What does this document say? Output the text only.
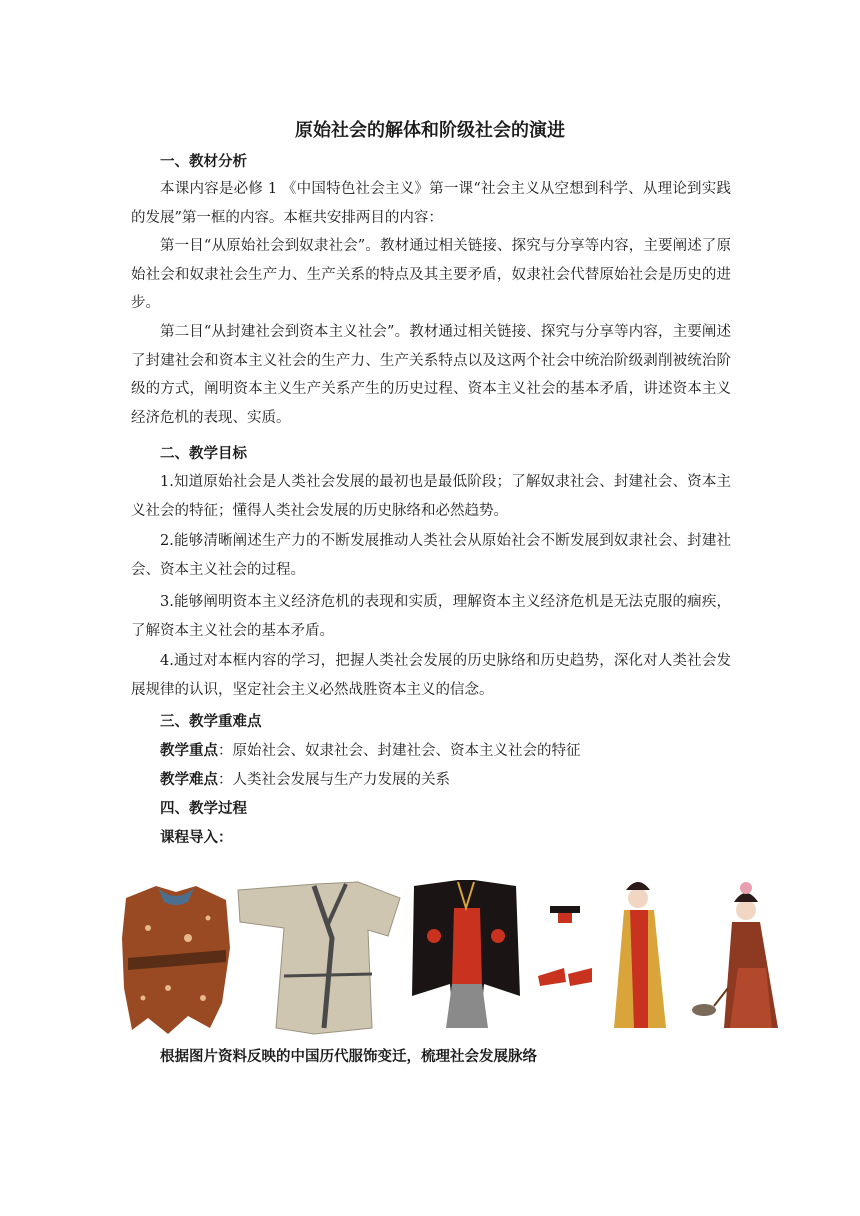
原始社会的解体和阶级社会的演进
一、教材分析
本课内容是必修 1 《中国特色社会主义》第一课“社会主义从空想到科学、从理论到实践的发展”第一框的内容。本框共安排两目的内容：
第一目“从原始社会到奴隶社会”。教材通过相关链接、探究与分享等内容，主要阐述了原始社会和奴隶社会生产力、生产关系的特点及其主要矛盾，奴隶社会代替原始社会是历史的进步。
第二目“从封建社会到资本主义社会”。教材通过相关链接、探究与分享等内容，主要阐述了封建社会和资本主义社会的生产力、生产关系特点以及这两个社会中统治阶级剥削被统治阶级的方式，阐明资本主义生产关系产生的历史过程、资本主义社会的基本矛盾，讲述资本主义经济危机的表现、实质。
二、教学目标
1.知道原始社会是人类社会发展的最初也是最低阶段；了解奴隶社会、封建社会、资本主义社会的特征；懂得人类社会发展的历史脉络和必然趋势。
2.能够清晰阐述生产力的不断发展推动人类社会从原始社会不断发展到奴隶社会、封建社会、资本主义社会的过程。
3.能够阐明资本主义经济危机的表现和实质，理解资本主义经济危机是无法克服的痼疾，了解资本主义社会的基本矛盾。
4.通过对本框内容的学习，把握人类社会发展的历史脉络和历史趋势，深化对人类社会发展规律的认识，坚定社会主义必然战胜资本主义的信念。
三、教学重难点
教学重点：原始社会、奴隶社会、封建社会、资本主义社会的特征
教学难点：人类社会发展与生产力发展的关系
四、教学过程
课程导入：
根据图片资料反映的中国历代服饰变迁，梳理社会发展脉络
